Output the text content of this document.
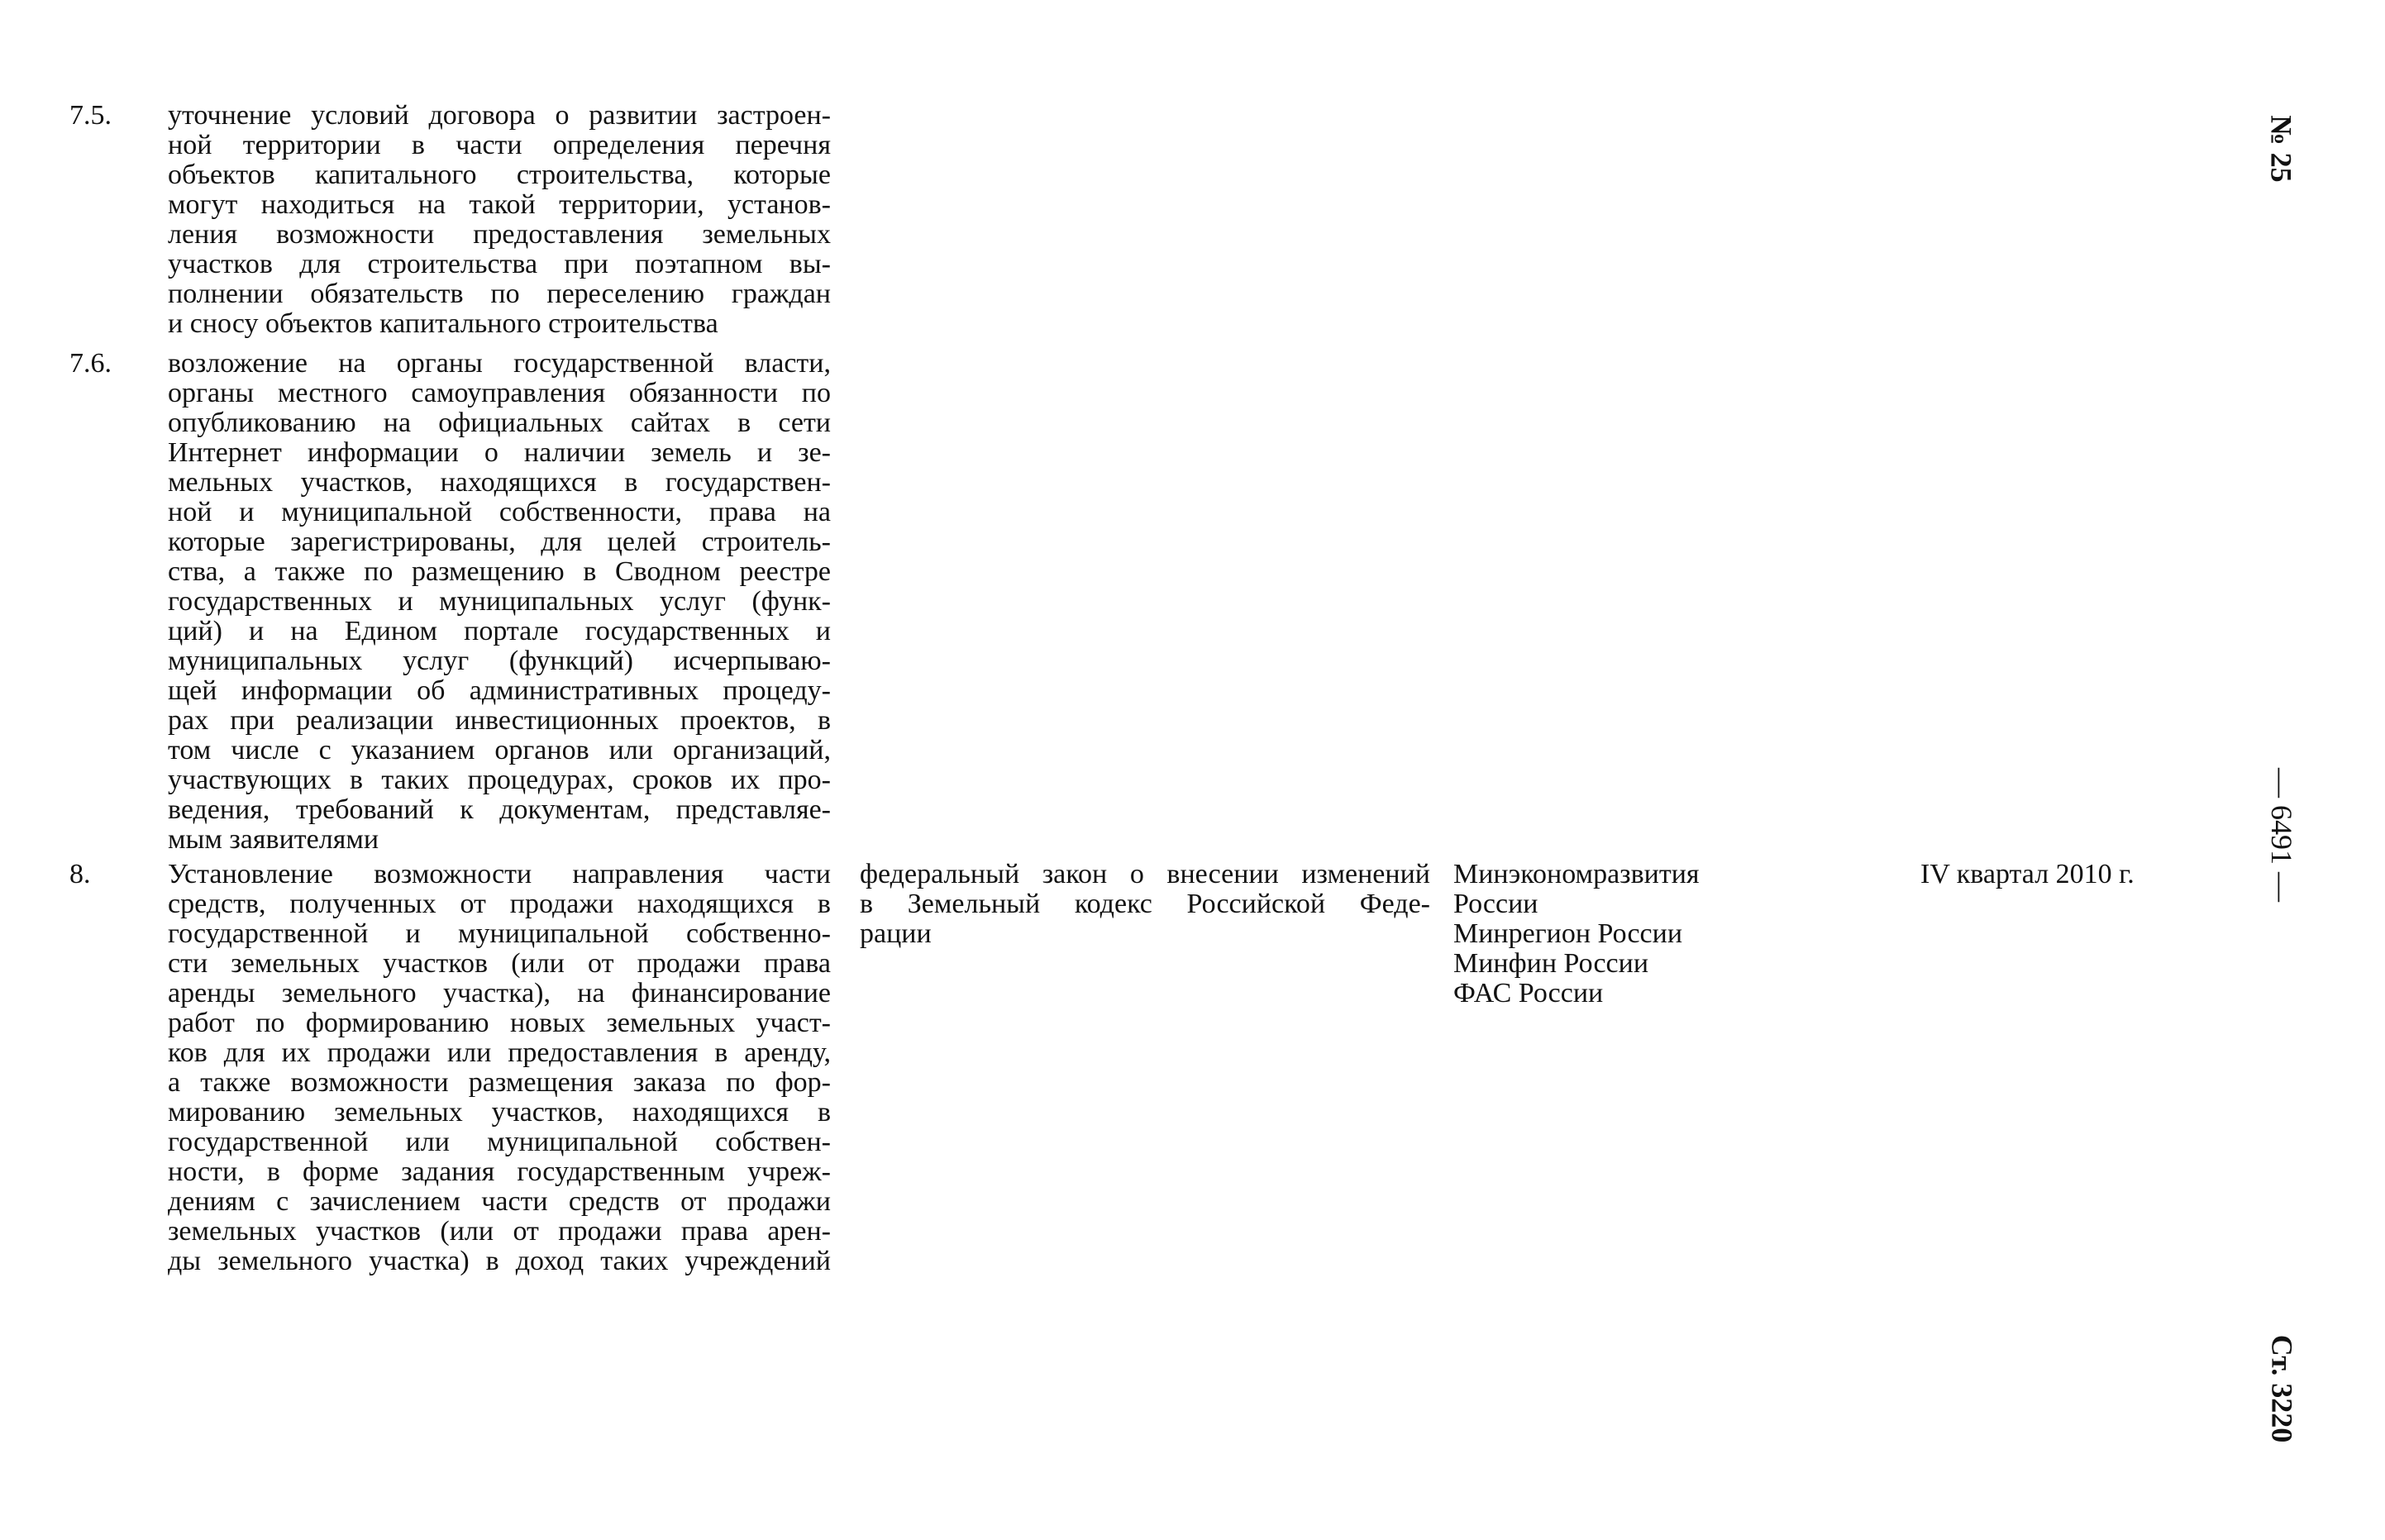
7.5. уточнение условий договора о развитии застроен-
ной территории в части определения перечня
объектов капитального строительства, которые
могут находиться на такой территории, установ-
ления возможности предоставления земельных
участков для строительства при поэтапном вы-
полнении обязательств по переселению граждан
и сносу объектов капитального строительства
7.6. возложение на органы государственной власти,
органы местного самоуправления обязанности по
опубликованию на официальных сайтах в сети
Интернет информации о наличии земель и зе-
мельных участков, находящихся в государствен-
ной и муниципальной собственности, права на
которые зарегистрированы, для целей строитель-
ства, а также по размещению в Сводном реестре
государственных и муниципальных услуг (функ-
ций) и на Едином портале государственных и
муниципальных услуг (функций) исчерпываю-
щей информации об административных процеду-
рах при реализации инвестиционных проектов, в
том числе с указанием органов или организаций,
участвующих в таких процедурах, сроков их про-
ведения, требований к документам, представляе-
мым заявителями
8.	Установление возможности направления части
средств, полученных от продажи находящихся в
государственной и муниципальной собственно-
сти земельных участков (или от продажи права
аренды земельного участка), на финансирование
работ по формированию новых земельных участ-
ков для их продажи или предоставления в аренду,
а также возможности размещения заказа по фор-
мированию земельных участков, находящихся в
государственной или муниципальной собствен-
ности, в форме задания государственным учреж-
дениям с зачислением части средств от продажи
земельных участков (или от продажи права арен-
ды земельного участка) в доход таких учреждений
федеральный закон о внесении изменений
в Земельный кодекс Российской Феде-
рации
Минэкономразвития
России
Минрегион России
Минфин России
ФАС России
IV квартал 2010 г.
№ 25
— 6491 —
Ст. 3220
